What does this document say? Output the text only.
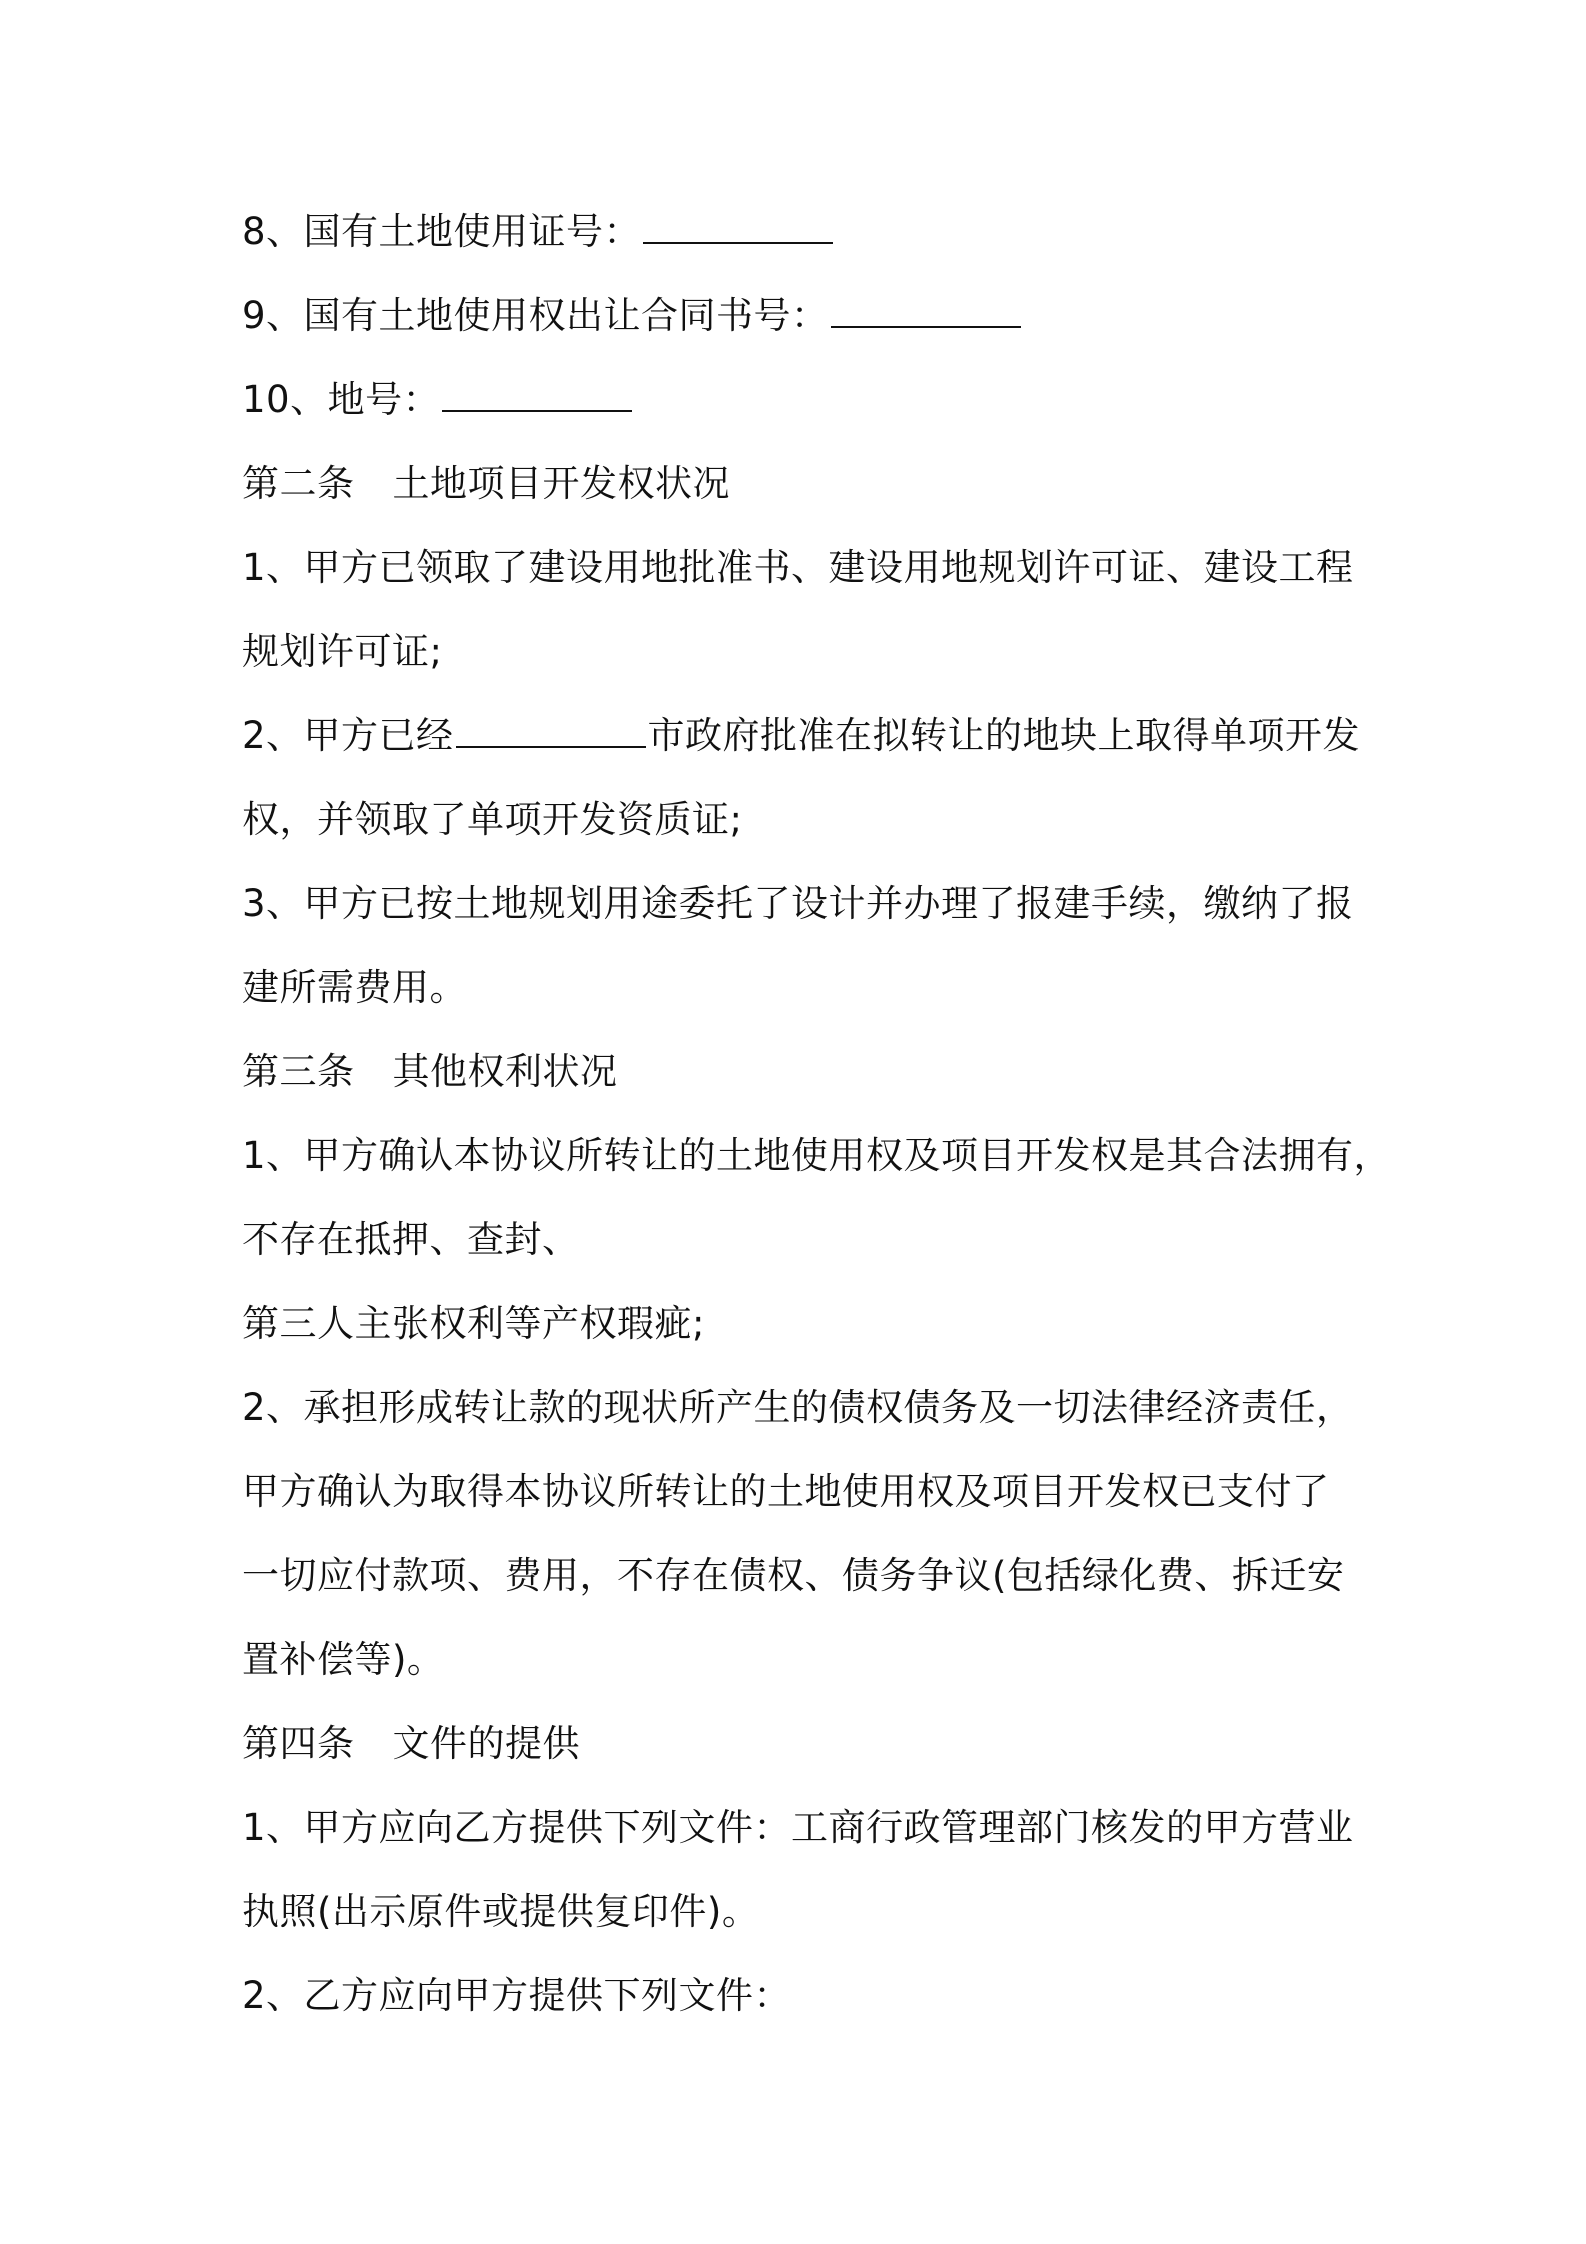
8、国有土地使用证号：
9、国有土地使用权出让合同书号：
10、地号：
第二条 土地项目开发权状况
1、甲方已领取了建设用地批准书、建设用地规划许可证、建设工程
规划许可证;
2、甲方已经	市政府批准在拟转让的地块上取得单项开发
权，并领取了单项开发资质证;
3、甲方已按土地规划用途委托了设计并办理了报建手续，缴纳了报
建所需费用。
第三条 其他权利状况
1、甲方确认本协议所转让的土地使用权及项目开发权是其合法拥有，
不存在抵押、查封、
第三人主张权利等产权瑕疵;
2、承担形成转让款的现状所产生的债权债务及一切法律经济责任，
甲方确认为取得本协议所转让的土地使用权及项目开发权已支付了
一切应付款项、费用，不存在债权、债务争议(包括绿化费、拆迁安
置补偿等)。
第四条 文件的提供
1、甲方应向乙方提供下列文件：工商行政管理部门核发的甲方营业
执照(出示原件或提供复印件)。
2、乙方应向甲方提供下列文件：
